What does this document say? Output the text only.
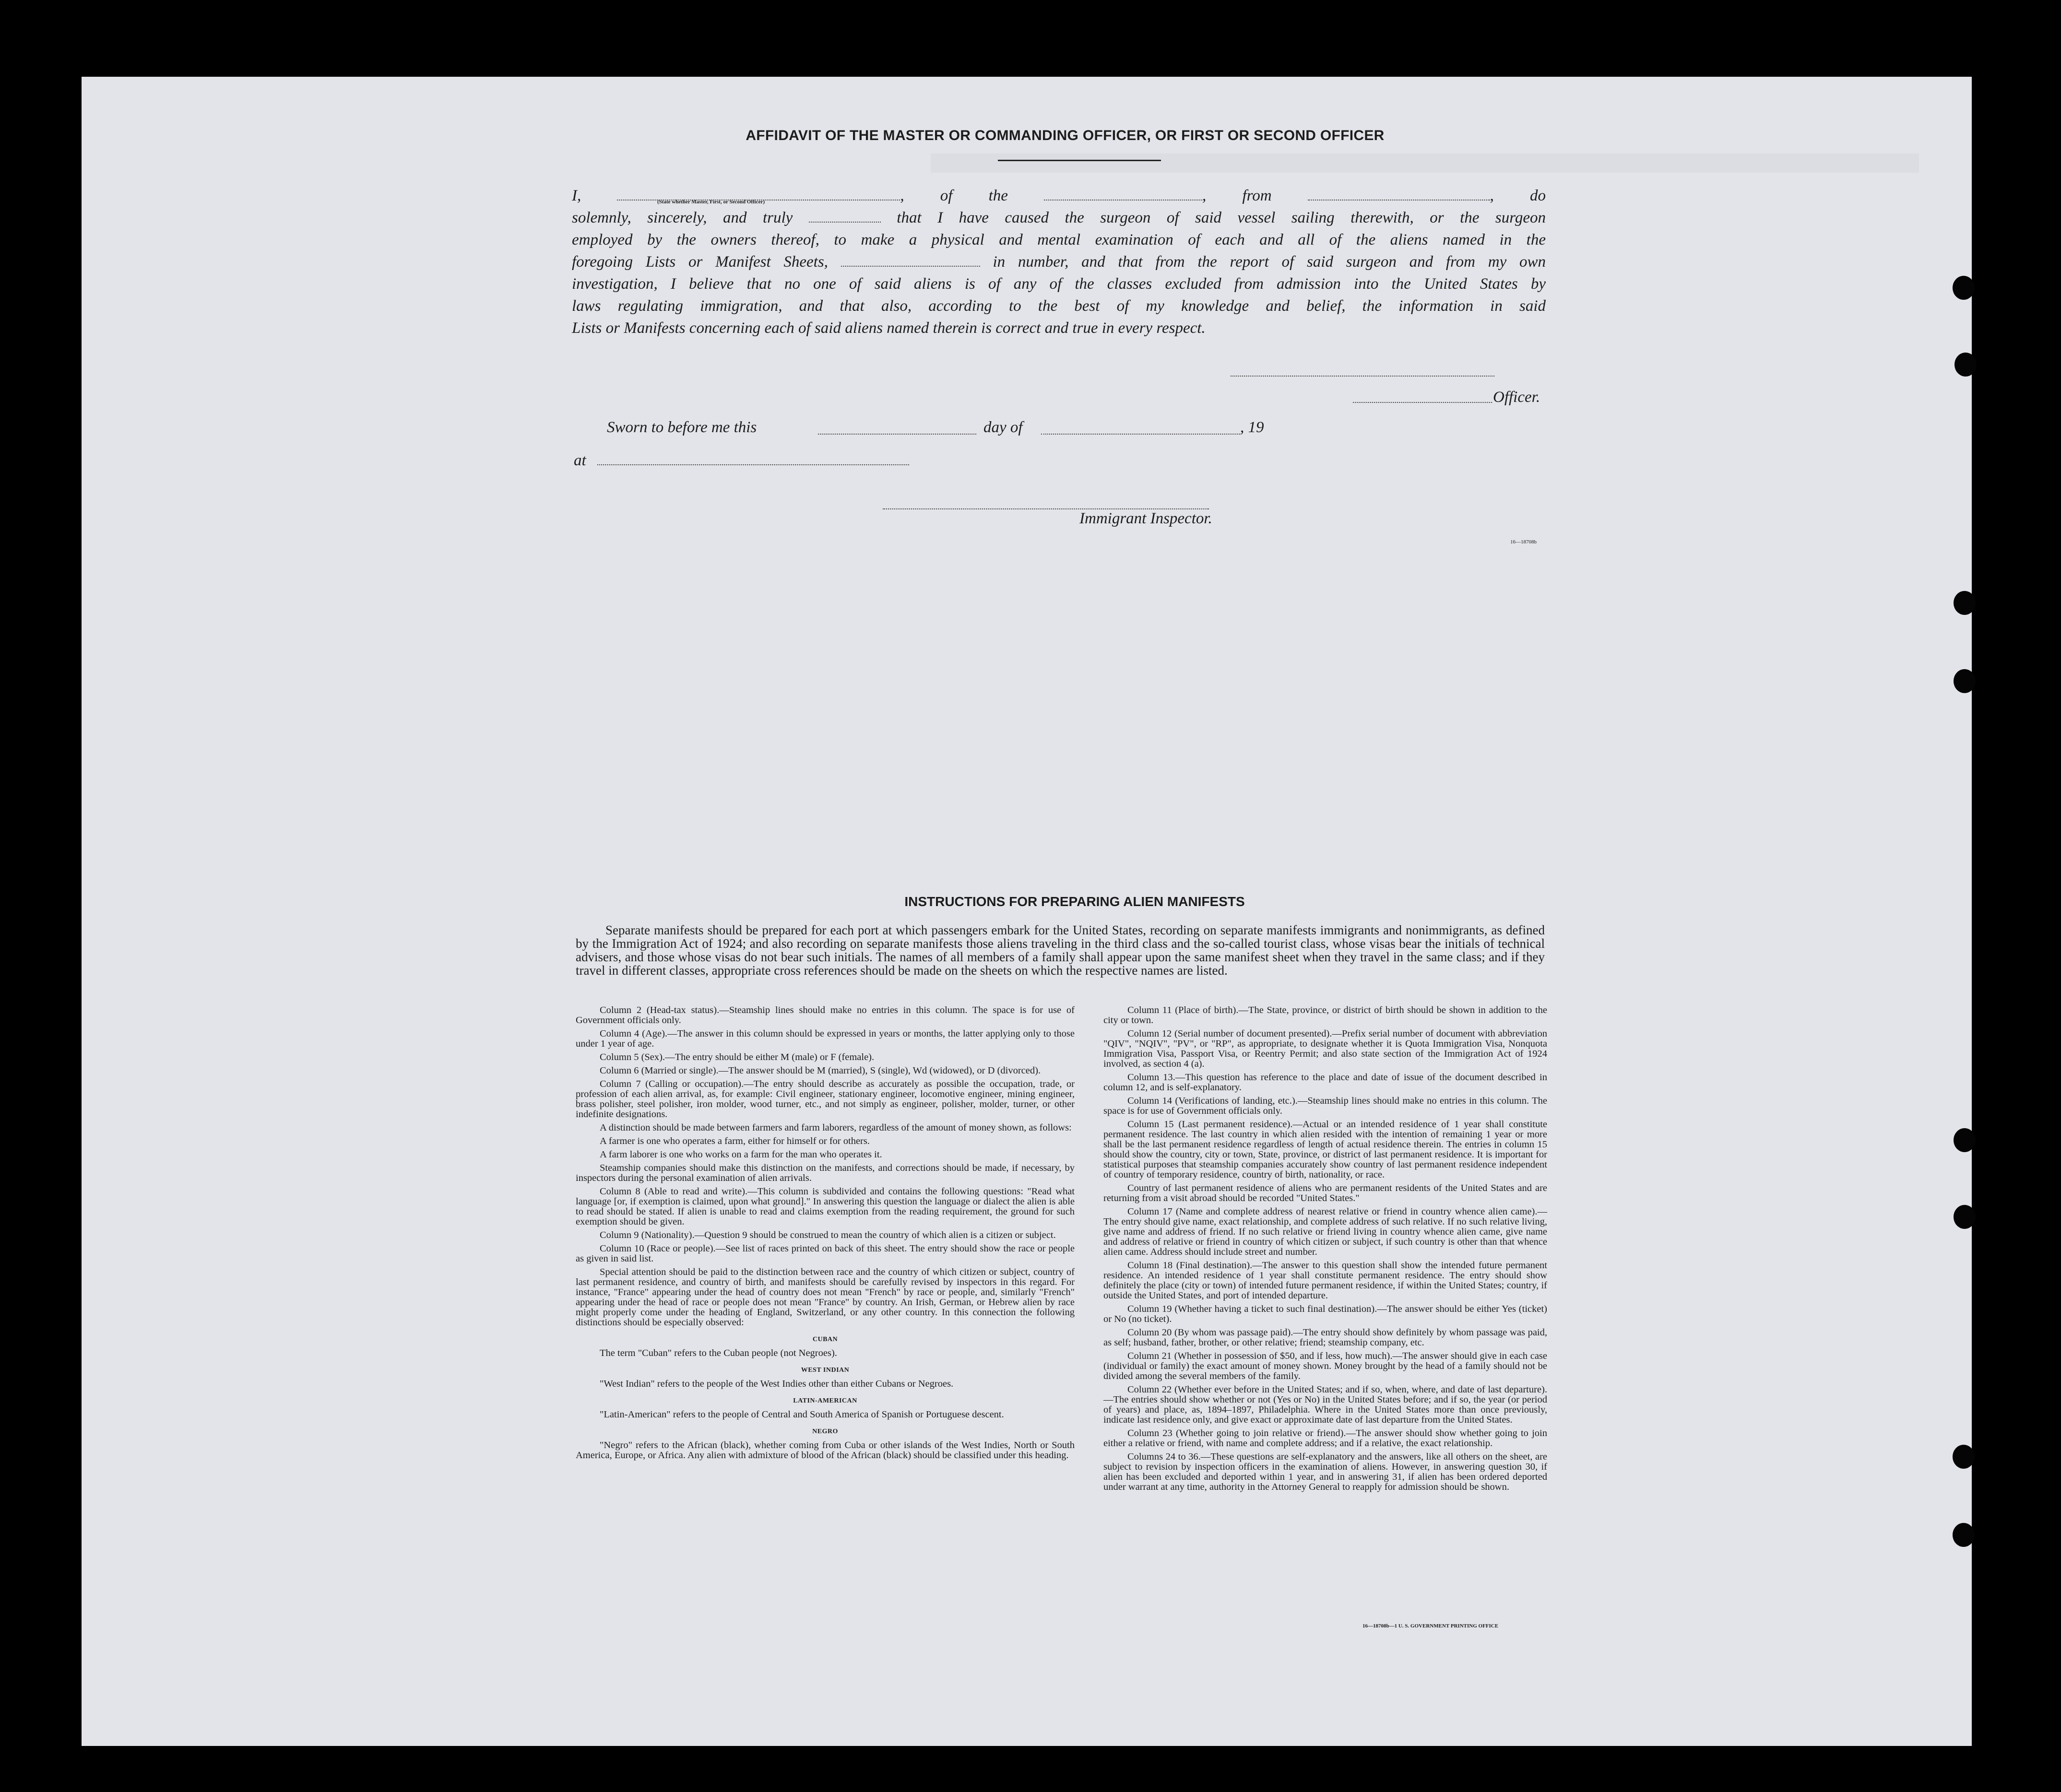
AFFIDAVIT OF THE MASTER OR COMMANDING OFFICER, OR FIRST OR SECOND OFFICER
(State whether Master, First, or Second Officer)

I,	, of the	, from	, do

solemnly, sincerely, and truly	that I have caused the surgeon of said vessel sailing therewith, or the surgeon

employed by the owners thereof, to make a physical and mental examination of each and all of the aliens named in the

foregoing Lists or Manifest Sheets,	in number, and that from the report of said surgeon and from my own

investigation, I believe that no one of said aliens is of any of the classes excluded from admission into the United States by

laws regulating immigration, and that also, according to the best of my knowledge and belief, the information in said

Lists or Manifests concerning each of said aliens named therein is correct and true in every respect.

Officer.
Sworn to before me this	day of	, 19
at
Immigrant Inspector.
16—18708b
INSTRUCTIONS FOR PREPARING ALIEN MANIFESTS

Separate manifests should be prepared for each port at which passengers embark for the United States, recording on separate manifests immigrants and nonimmigrants, as defined by the Immigration Act of 1924; and also recording on separate manifests those aliens traveling in the third class and the so-called tourist class, whose visas bear the initials of technical advisers, and those whose visas do not bear such initials. The names of all members of a family shall appear upon the same manifest sheet when they travel in the same class; and if they travel in different classes, appropriate cross references should be made on the sheets on which the respective names are listed.

Column 2 (Head-tax status).—Steamship lines should make no entries in this column. The space is for use of Government officials only.

Column 4 (Age).—The answer in this column should be expressed in years or months, the latter applying only to those under 1 year of age.

Column 5 (Sex).—The entry should be either M (male) or F (female).

Column 6 (Married or single).—The answer should be M (married), S (single), Wd (widowed), or D (divorced).

Column 7 (Calling or occupation).—The entry should describe as accurately as possible the occupation, trade, or profession of each alien arrival, as, for example: Civil engineer, stationary engineer, locomotive engineer, mining engineer, brass polisher, steel polisher, iron molder, wood turner, etc., and not simply as engineer, polisher, molder, turner, or other indefinite designations.

A distinction should be made between farmers and farm laborers, regardless of the amount of money shown, as follows:

A farmer is one who operates a farm, either for himself or for others.

A farm laborer is one who works on a farm for the man who operates it.

Steamship companies should make this distinction on the manifests, and corrections should be made, if necessary, by inspectors during the personal examination of alien arrivals.

Column 8 (Able to read and write).—This column is subdivided and contains the following questions: "Read what language [or, if exemption is claimed, upon what ground]." In answering this question the language or dialect the alien is able to read should be stated. If alien is unable to read and claims exemption from the reading requirement, the ground for such exemption should be given.

Column 9 (Nationality).—Question 9 should be construed to mean the country of which alien is a citizen or subject.

Column 10 (Race or people).—See list of races printed on back of this sheet. The entry should show the race or people as given in said list.

Special attention should be paid to the distinction between race and the country of which citizen or subject, country of last permanent residence, and country of birth, and manifests should be carefully revised by inspectors in this regard. For instance, "France" appearing under the head of country does not mean "French" by race or people, and, similarly "French" appearing under the head of race or people does not mean "France" by country. An Irish, German, or Hebrew alien by race might properly come under the heading of England, Switzerland, or any other country. In this connection the following distinctions should be especially observed:

CUBAN

The term "Cuban" refers to the Cuban people (not Negroes).

WEST INDIAN

"West Indian" refers to the people of the West Indies other than either Cubans or Negroes.

LATIN-AMERICAN

"Latin-American" refers to the people of Central and South America of Spanish or Portuguese descent.

NEGRO

"Negro" refers to the African (black), whether coming from Cuba or other islands of the West Indies, North or South America, Europe, or Africa. Any alien with admixture of blood of the African (black) should be classified under this heading.

Column 11 (Place of birth).—The State, province, or district of birth should be shown in addition to the city or town.

Column 12 (Serial number of document presented).—Prefix serial number of document with abbreviation "QIV", "NQIV", "PV", or "RP", as appropriate, to designate whether it is Quota Immigration Visa, Nonquota Immigration Visa, Passport Visa, or Reentry Permit; and also state section of the Immigration Act of 1924 involved, as section 4 (a).

Column 13.—This question has reference to the place and date of issue of the document described in column 12, and is self-explanatory.

Column 14 (Verifications of landing, etc.).—Steamship lines should make no entries in this column. The space is for use of Government officials only.

Column 15 (Last permanent residence).—Actual or an intended residence of 1 year shall constitute permanent residence. The last country in which alien resided with the intention of remaining 1 year or more shall be the last permanent residence regardless of length of actual residence therein. The entries in column 15 should show the country, city or town, State, province, or district of last permanent residence. It is important for statistical purposes that steamship companies accurately show country of last permanent residence independent of country of temporary residence, country of birth, nationality, or race.

Country of last permanent residence of aliens who are permanent residents of the United States and are returning from a visit abroad should be recorded "United States."

Column 17 (Name and complete address of nearest relative or friend in country whence alien came).—The entry should give name, exact relationship, and complete address of such relative. If no such relative living, give name and address of friend. If no such relative or friend living in country whence alien came, give name and address of relative or friend in country of which citizen or subject, if such country is other than that whence alien came. Address should include street and number.

Column 18 (Final destination).—The answer to this question shall show the intended future permanent residence. An intended residence of 1 year shall constitute permanent residence. The entry should show definitely the place (city or town) of intended future permanent residence, if within the United States; country, if outside the United States, and port of intended departure.

Column 19 (Whether having a ticket to such final destination).—The answer should be either Yes (ticket) or No (no ticket).

Column 20 (By whom was passage paid).—The entry should show definitely by whom passage was paid, as self; husband, father, brother, or other relative; friend; steamship company, etc.

Column 21 (Whether in possession of $50, and if less, how much).—The answer should give in each case (individual or family) the exact amount of money shown. Money brought by the head of a family should not be divided among the several members of the family.

Column 22 (Whether ever before in the United States; and if so, when, where, and date of last departure).—The entries should show whether or not (Yes or No) in the United States before; and if so, the year (or period of years) and place, as, 1894–1897, Philadelphia. Where in the United States more than once previously, indicate last residence only, and give exact or approximate date of last departure from the United States.

Column 23 (Whether going to join relative or friend).—The answer should show whether going to join either a relative or friend, with name and complete address; and if a relative, the exact relationship.

Columns 24 to 36.—These questions are self-explanatory and the answers, like all others on the sheet, are subject to revision by inspection officers in the examination of aliens. However, in answering question 30, if alien has been excluded and deported within 1 year, and in answering 31, if alien has been ordered deported under warrant at any time, authority in the Attorney General to reapply for admission should be shown.

16—18708b—1 U. S. GOVERNMENT PRINTING OFFICE
